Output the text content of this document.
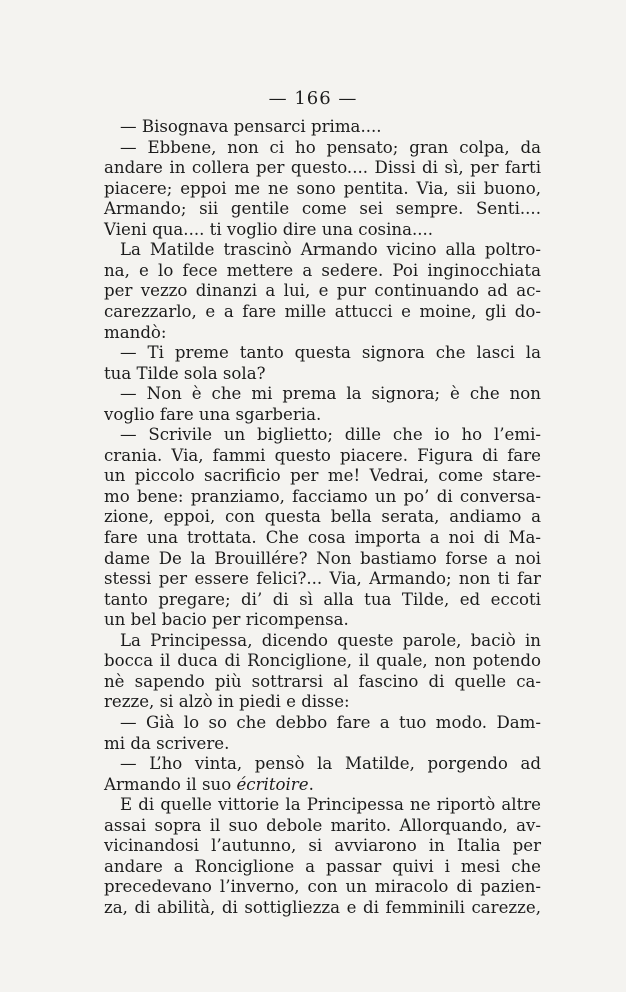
— 166 —
— Bisognava pensarci prima....
— Ebbene, non ci ho pensato; gran colpa, da
andare in collera per questo.... Dissi di sì, per farti
piacere; eppoi me ne sono pentita. Via, sii buono,
Armando; sii gentile come sei sempre. Senti....
Vieni qua.... ti voglio dire una cosina....
La Matilde trascinò Armando vicino alla poltro-
na, e lo fece mettere a sedere. Poi inginocchiata
per vezzo dinanzi a lui, e pur continuando ad ac-
carezzarlo, e a fare mille attucci e moine, gli do-
mandò:
— Ti preme tanto questa signora che lasci la
tua Tilde sola sola?
— Non è che mi prema la signora; è che non
voglio fare una sgarberia.
— Scrivile un biglietto; dille che io ho l’emi-
crania. Via, fammi questo piacere. Figura di fare
un piccolo sacrificio per me! Vedrai, come stare-
mo bene: pranziamo, facciamo un po’ di conversa-
zione, eppoi, con questa bella serata, andiamo a
fare una trottata. Che cosa importa a noi di Ma-
dame De la Brouillére? Non bastiamo forse a noi
stessi per essere felici?... Via, Armando; non ti far
tanto pregare; di’ di sì alla tua Tilde, ed eccoti
un bel bacio per ricompensa.
La Principessa, dicendo queste parole, baciò in
bocca il duca di Ronciglione, il quale, non potendo
nè sapendo più sottrarsi al fascino di quelle ca-
rezze, si alzò in piedi e disse:
— Già lo so che debbo fare a tuo modo. Dam-
mi da scrivere.
— L’ho vinta, pensò la Matilde, porgendo ad
Armando il suo écritoire.
E di quelle vittorie la Principessa ne riportò altre
assai sopra il suo debole marito. Allorquando, av-
vicinandosi l’autunno, si avviarono in Italia per
andare a Ronciglione a passar quivi i mesi che
precedevano l’inverno, con un miracolo di pazien-
za, di abilità, di sottigliezza e di femminili carezze,
